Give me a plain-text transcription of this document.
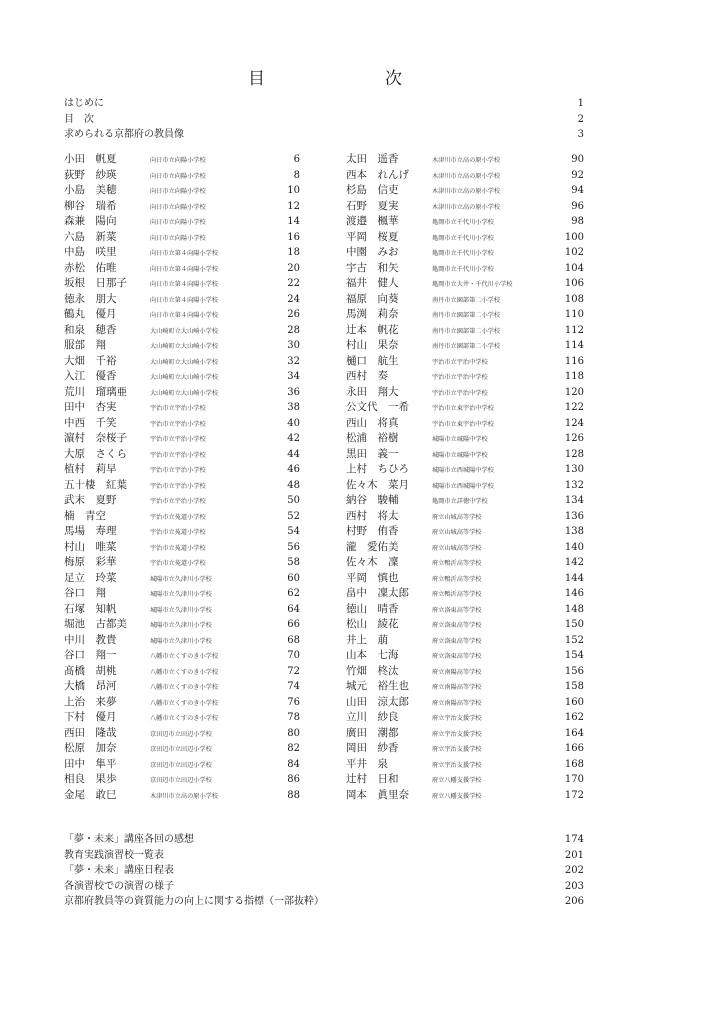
目	次
はじめに	1
目　次	2
求められる京都府の教員像	3
小田　帆夏	向日市立向陽小学校	6
荻野　紗瑛	向日市立向陽小学校	8
小島　美穂	向日市立向陽小学校	10
柳谷　瑞希	向日市立向陽小学校	12
森兼　陽向	向日市立向陽小学校	14
六島　新菜	向日市立向陽小学校	16
中島　咲里	向日市立第４向陽小学校	18
赤松　佑唯	向日市立第４向陽小学校	20
坂根　日那子	向日市立第４向陽小学校	22
徳永　朋大	向日市立第４向陽小学校	24
鶴丸　優月	向日市立第４向陽小学校	26
和泉　穂香	大山崎町立大山崎小学校	28
服部　翔	大山崎町立大山崎小学校	30
大畑　千裕	大山崎町立大山崎小学校	32
入江　優香	大山崎町立大山崎小学校	34
荒川　瑠璃亜	大山崎町立大山崎小学校	36
田中　杏実	宇治市立宇治小学校	38
中西　千笑	宇治市立宇治小学校	40
濵村　奈桜子	宇治市立宇治小学校	42
大原　さくら	宇治市立宇治小学校	44
植村　莉早	宇治市立宇治小学校	46
五十棲　紅葉	宇治市立宇治小学校	48
武末　夏野	宇治市立宇治小学校	50
楠　青空	宇治市立菟道小学校	52
馬場　寿理	宇治市立菟道小学校	54
村山　唯菜	宇治市立菟道小学校	56
梅原　彩華	宇治市立菟道小学校	58
足立　玲菜	城陽市立久津川小学校	60
谷口　翔	城陽市立久津川小学校	62
石塚　知帆	城陽市立久津川小学校	64
堀池　古都美	城陽市立久津川小学校	66
中川　教貴	城陽市立久津川小学校	68
谷口　翔一	八幡市立くすのき小学校	70
髙橋　胡桃	八幡市立くすのき小学校	72
大橋　昂河	八幡市立くすのき小学校	74
上治　来夢	八幡市立くすのき小学校	76
下村　優月	八幡市立くすのき小学校	78
西田　隆哉	京田辺市立田辺小学校	80
松原　加奈	京田辺市立田辺小学校	82
田中　隼平	京田辺市立田辺小学校	84
相良　果歩	京田辺市立田辺小学校	86
金尾　敢巳	木津川市立高の原小学校	88
太田　遥香	木津川市立高の原小学校	90
西本　れんげ	木津川市立高の原小学校	92
杉島　信吏	木津川市立高の原小学校	94
石野　夏実	木津川市立高の原小学校	96
渡邉　楓華	亀岡市立千代川小学校	98
平岡　桜夏	亀岡市立千代川小学校	100
中園　みお	亀岡市立千代川小学校	102
宇古　和矢	亀岡市立千代川小学校	104
福井　健人	亀岡市立大井・千代川小学校	106
福原　向葵	南丹市立園部第二小学校	108
馬渕　莉奈	南丹市立園部第二小学校	110
辻本　帆花	南丹市立園部第二小学校	112
村山　果奈	南丹市立園部第二小学校	114
樋口　航生	宇治市立宇治中学校	116
西村　奏	宇治市立宇治中学校	118
永田　翔大	宇治市立宇治中学校	120
公文代　一希	宇治市立東宇治中学校	122
西山　将真	宇治市立東宇治中学校	124
松浦　裕樹	城陽市立城陽中学校	126
黒田　義一	城陽市立城陽中学校	128
上村　ちひろ	城陽市立西城陽中学校	130
佐々木　菜月	城陽市立西城陽中学校	132
納谷　駿輔	亀岡市立詳徳中学校	134
西村　将太	府立山城高等学校	136
村野　侑香	府立山城高等学校	138
瀧　愛佑美	府立山城高等学校	140
佐々木　凜	府立鴨沂高等学校	142
平岡　慎也	府立鴨沂高等学校	144
畠中　凜太郎	府立鴨沂高等学校	146
徳山　晴香	府立洛東高等学校	148
松山　綾花	府立洛東高等学校	150
井上　萠	府立洛東高等学校	152
山本　七海	府立洛東高等学校	154
竹畑　柊汰	府立南陽高等学校	156
城元　裕生也	府立南陽高等学校	158
山田　涼太郎	府立南陽高等学校	160
立川　紗良	府立宇治支援学校	162
廣田　潮都	府立宇治支援学校	164
岡田　紗香	府立宇治支援学校	166
平井　泉	府立宇治支援学校	168
辻村　日和	府立八幡支援学校	170
岡本　眞里奈	府立八幡支援学校	172
「夢・未来」講座各回の感想	174
教育実践演習校一覧表	201
「夢・未来」講座日程表	202
各演習校での演習の様子	203
京都府教員等の資質能力の向上に関する指標（一部抜粋）	206
